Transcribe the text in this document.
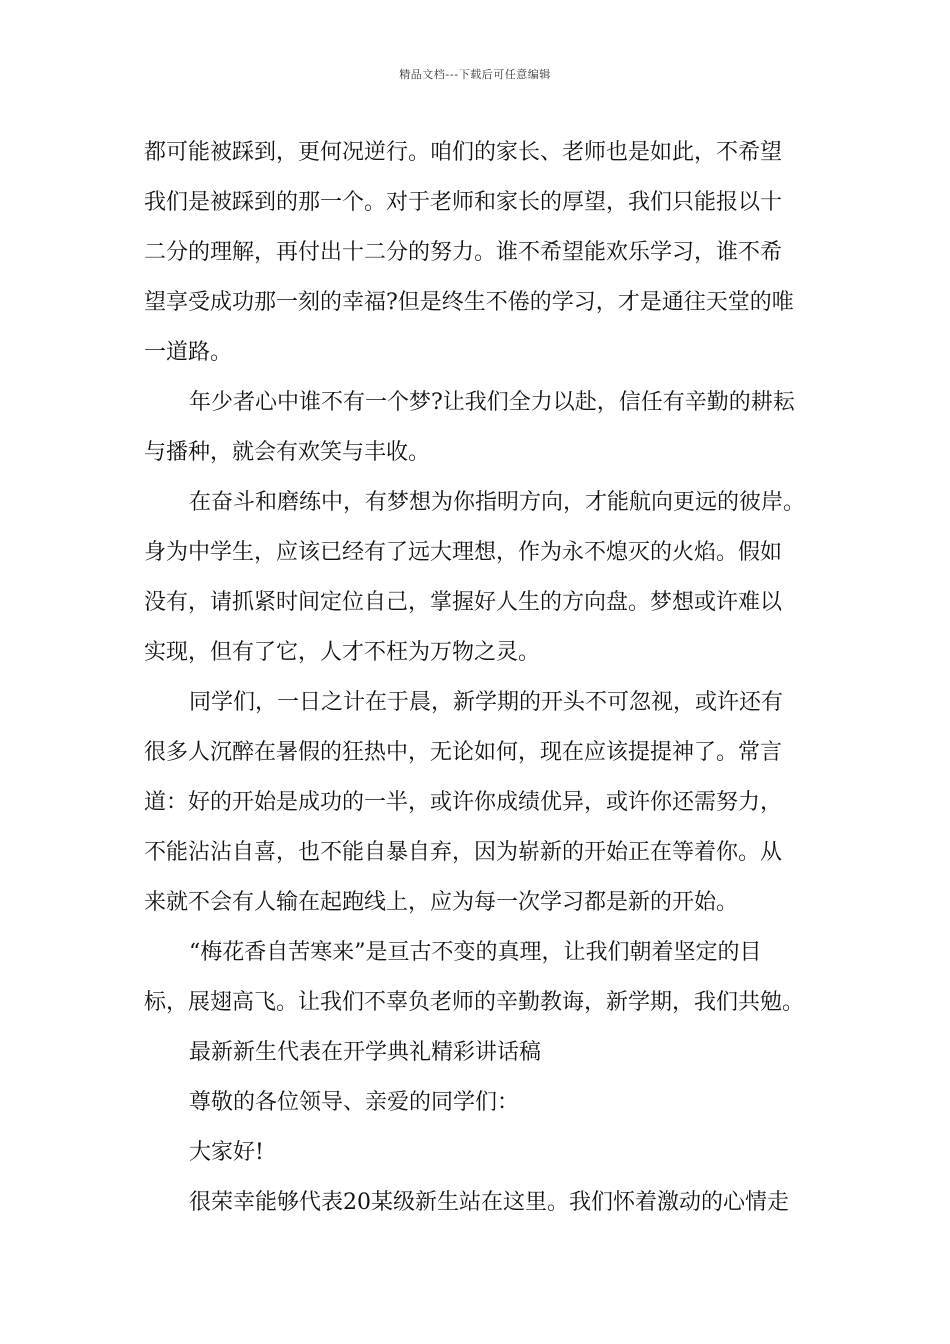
精品文档---下载后可任意编辑
都可能被踩到，更何况逆行。咱们的家长、老师也是如此，不希望
我们是被踩到的那一个。对于老师和家长的厚望，我们只能报以十
二分的理解，再付出十二分的努力。谁不希望能欢乐学习，谁不希
望享受成功那一刻的幸福?但是终生不倦的学习，才是通往天堂的唯
一道路。
年少者心中谁不有一个梦?让我们全力以赴，信任有辛勤的耕耘
与播种，就会有欢笑与丰收。
在奋斗和磨练中，有梦想为你指明方向，才能航向更远的彼岸。
身为中学生，应该已经有了远大理想，作为永不熄灭的火焰。假如
没有，请抓紧时间定位自己，掌握好人生的方向盘。梦想或许难以
实现，但有了它，人才不枉为万物之灵。
同学们，一日之计在于晨，新学期的开头不可忽视，或许还有
很多人沉醉在暑假的狂热中，无论如何，现在应该提提神了。常言
道：好的开始是成功的一半，或许你成绩优异，或许你还需努力，
不能沾沾自喜，也不能自暴自弃，因为崭新的开始正在等着你。从
来就不会有人输在起跑线上，应为每一次学习都是新的开始。
“梅花香自苦寒来”是亘古不变的真理，让我们朝着坚定的目
标，展翅高飞。让我们不辜负老师的辛勤教诲，新学期，我们共勉。
最新新生代表在开学典礼精彩讲话稿
尊敬的各位领导、亲爱的同学们：
大家好!
很荣幸能够代表20某级新生站在这里。我们怀着激动的心情走
